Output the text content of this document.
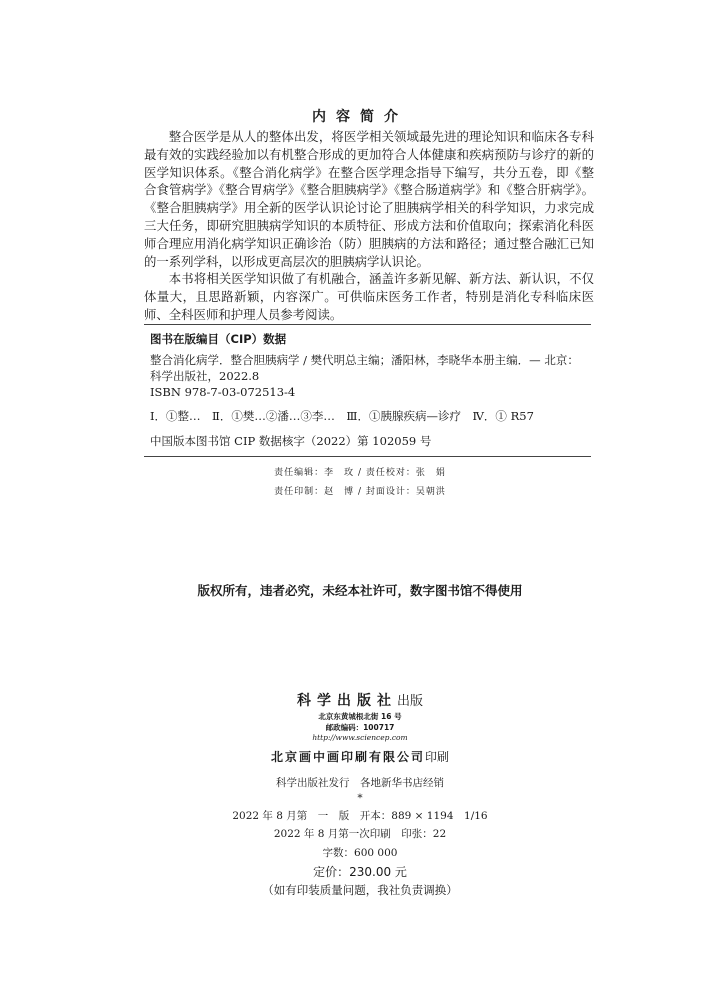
内容简介

整合医学是从人的整体出发，将医学相关领域最先进的理论知识和临床各专科最有效的实践经验加以有机整合形成的更加符合人体健康和疾病预防与诊疗的新的医学知识体系。《整合消化病学》在整合医学理念指导下编写，共分五卷，即《整合食管病学》《整合胃病学》《整合胆胰病学》《整合肠道病学》和《整合肝病学》。《整合胆胰病学》用全新的医学认识论讨论了胆胰病学相关的科学知识，力求完成三大任务，即研究胆胰病学知识的本质特征、形成方法和价值取向；探索消化科医师合理应用消化病学知识正确诊治（防）胆胰病的方法和路径；通过整合融汇已知的一系列学科，以形成更高层次的胆胰病学认识论。

本书将相关医学知识做了有机融合，涵盖许多新见解、新方法、新认识，不仅体量大，且思路新颖，内容深广。可供临床医务工作者，特别是消化专科临床医师、全科医师和护理人员参考阅读。

图书在版编目（CIP）数据
整合消化病学．整合胆胰病学 / 樊代明总主编；潘阳林，李晓华本册主编．— 北京：科学出版社，2022.8
ISBN 978-7-03-072513-4
Ⅰ．①整…　Ⅱ．①樊…②潘…③李…　Ⅲ．①胰腺疾病—诊疗　Ⅳ．① R57
中国版本图书馆 CIP 数据核字（2022）第 102059 号
责任编辑：李　玫 / 责任校对：张　娟
责任印制：赵　博 / 封面设计：吴朝洪
版权所有，违者必究，未经本社许可，数字图书馆不得使用
科学出版社出版
北京东黄城根北街 16 号
邮政编码：100717
http://www.sciencep.com
北京画中画印刷有限公司印刷
科学出版社发行　各地新华书店经销
*
2022 年 8 月第　一　版　开本：889 × 1194　1/16
2022 年 8 月第一次印刷　印张：22
字数：600 000
定价：230.00 元
（如有印装质量问题，我社负责调换）
